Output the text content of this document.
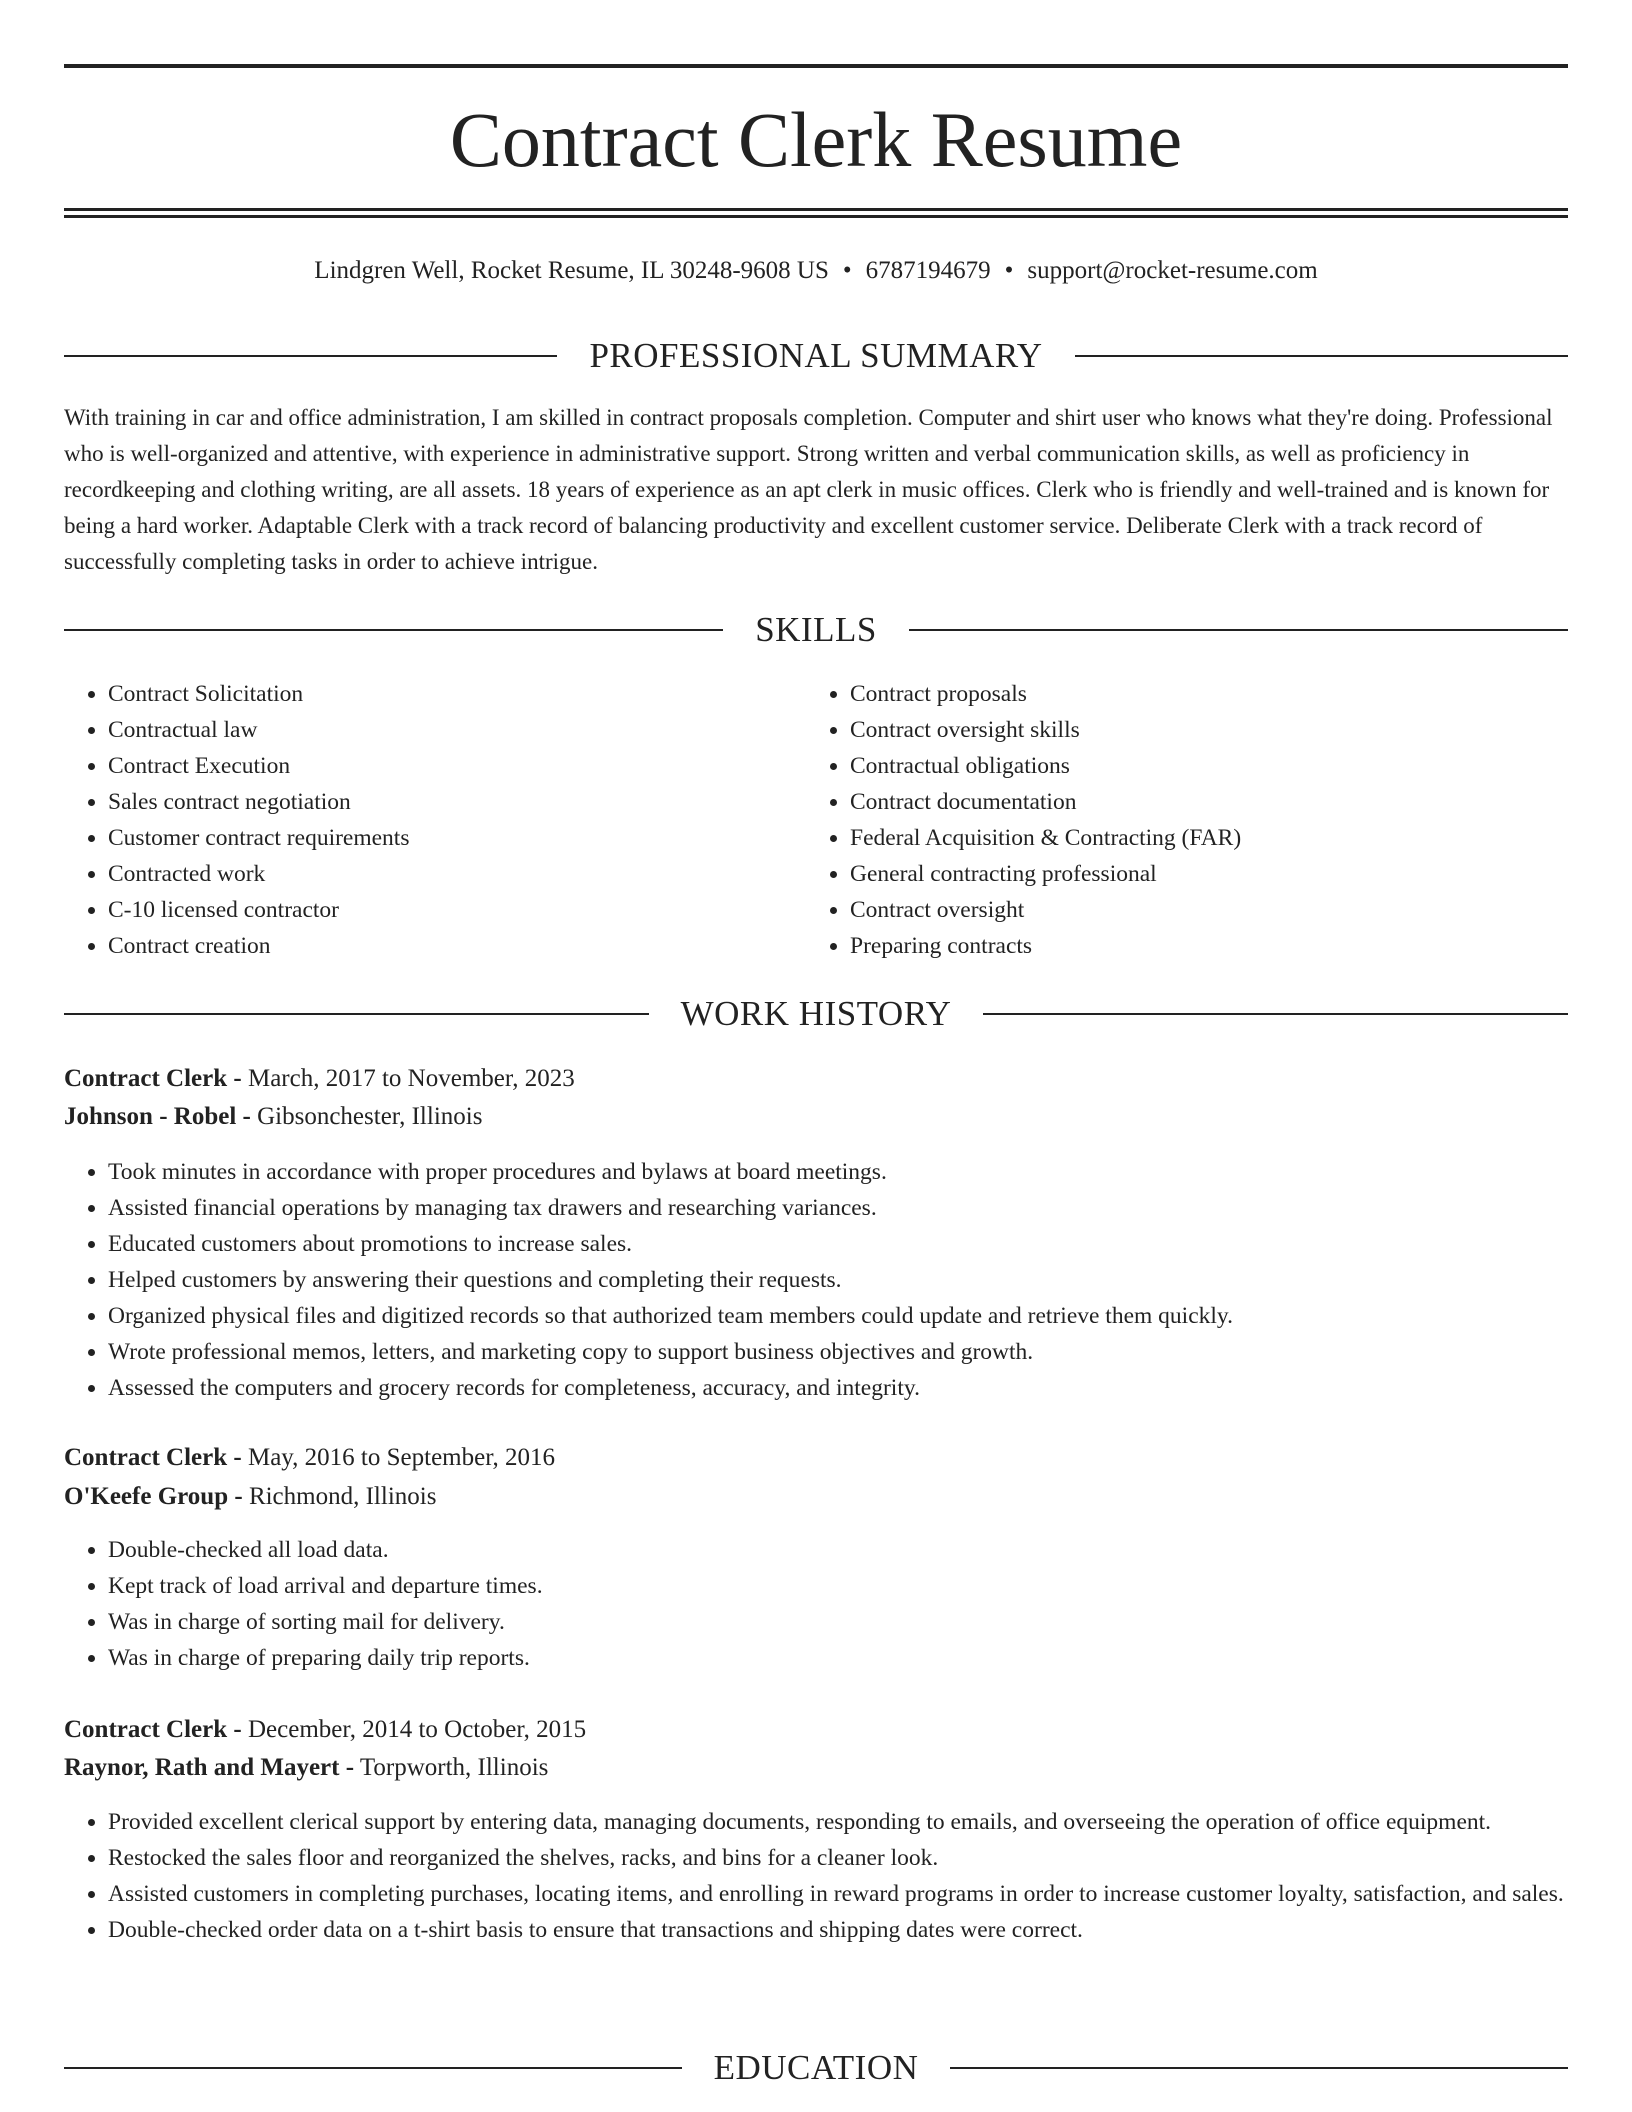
Contract Clerk Resume
Lindgren Well, Rocket Resume, IL 30248-9608 US • 6787194679 • support@rocket-resume.com
PROFESSIONAL SUMMARY

With training in car and office administration, I am skilled in contract proposals completion. Computer and shirt user who knows what they're doing. Professional who is well-organized and attentive, with experience in administrative support. Strong written and verbal communication skills, as well as proficiency in recordkeeping and clothing writing, are all assets. 18 years of experience as an apt clerk in music offices. Clerk who is friendly and well-trained and is known for being a hard worker. Adaptable Clerk with a track record of balancing productivity and excellent customer service. Deliberate Clerk with a track record of successfully completing tasks in order to achieve intrigue.

SKILLS
• Contract Solicitation
• Contractual law
• Contract Execution
• Sales contract negotiation
• Customer contract requirements
• Contracted work
• C-10 licensed contractor
• Contract creation
• Contract proposals
• Contract oversight skills
• Contractual obligations
• Contract documentation
• Federal Acquisition & Contracting (FAR)
• General contracting professional
• Contract oversight
• Preparing contracts
WORK HISTORY
Contract Clerk - March, 2017 to November, 2023
Johnson - Robel - Gibsonchester, Illinois
• Took minutes in accordance with proper procedures and bylaws at board meetings.
• Assisted financial operations by managing tax drawers and researching variances.
• Educated customers about promotions to increase sales.
• Helped customers by answering their questions and completing their requests.
• Organized physical files and digitized records so that authorized team members could update and retrieve them quickly.
• Wrote professional memos, letters, and marketing copy to support business objectives and growth.
• Assessed the computers and grocery records for completeness, accuracy, and integrity.
Contract Clerk - May, 2016 to September, 2016
O'Keefe Group - Richmond, Illinois
• Double-checked all load data.
• Kept track of load arrival and departure times.
• Was in charge of sorting mail for delivery.
• Was in charge of preparing daily trip reports.
Contract Clerk - December, 2014 to October, 2015
Raynor, Rath and Mayert - Torpworth, Illinois
• Provided excellent clerical support by entering data, managing documents, responding to emails, and overseeing the operation of office equipment.
• Restocked the sales floor and reorganized the shelves, racks, and bins for a cleaner look.
• Assisted customers in completing purchases, locating items, and enrolling in reward programs in order to increase customer loyalty, satisfaction, and sales.
• Double-checked order data on a t-shirt basis to ensure that transactions and shipping dates were correct.
EDUCATION
